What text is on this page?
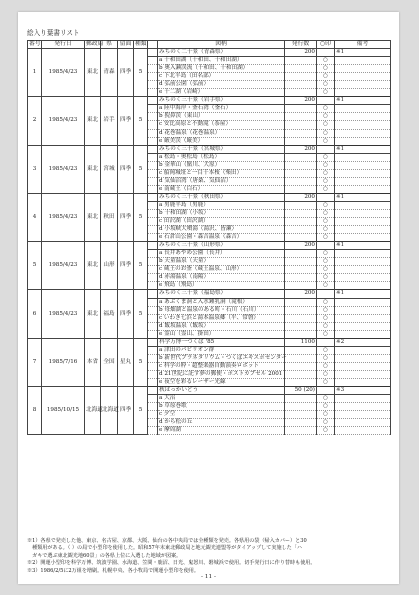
絵入り葉書リスト
番号	発行日	郵政局	県	留面	種類		図柄	発行数	○印	備考
1	1985/4/23	東北	青森	四季	5		みちのく二十景（青森県）	200		※1
							a 十和田湖（十和田、十和田湖）		○	
							b 奥入瀬渓流（十和田、十和田湖）		○	
							c 下北半島（田名部）		○	
							d 弘前公園（弘前）		○	
							e 十二湖（岩崎）		○	
2	1985/4/23	東北	岩手	四季	5		みちのく三十景（岩手県）	200		※1
							a 陸中海岸・釜石湾（釜石）		○	
							b 猊鼻渓（東山）		○	
							c 安比高原と不動滝（茶屋）		○	
							d 花巻温泉（花巻温泉）		○	
							e 厳美渓（厳美）		○	
3	1985/4/23	東北	宮城	四季	5		みちのく三十景（宮城県）	200		※1
							a 松島・奥松島（松島）		○	
							b 金華山（鮎川、大原）		○	
							c 船岡城址と一目千本桜（柴田）		○	
							d 気仙沼湾（唐桑、気仙沼）		○	
							e 南蔵王（白石）		○	
4	1985/4/23	東北	秋田	四季	5		みちのく三十景（秋田県）	200		※1
							a 男鹿半島（男鹿）		○	
							b 十和田湖（小坂）		○	
							c 田沢湖（田沢湖）		○	
							d 小坂峡大噴湯（湯沢、皆瀬）		○	
							e 石倉山公園・森吉温泉（森吉）		○	
5	1985/4/23	東北	山形	四季	5		みちのく三十景（山形県）	200		※1
							a 長井あやめ公園（長井）		○	
							b 天童温泉（天童）		○	
							c 蔵王のお釜（蔵王温泉、山形）		○	
							d 赤湯温泉（南陽）		○	
							e 飛島（飛島）		○	
6	1985/4/23	東北	福島	四季	5		みちのく三十景（福島県）	200		※1
							a あぶくま洞と入水鍾乳洞（滝根）		○	
							b 母畑湖と温泉のある町・石川（石川）		○	
							c いわき七浜と湯本温泉郷（平、常磐）		○	
							d 飯坂温泉（飯坂）		○	
							e 霊山（霊山、掛田）		○	
7	1985/7/16	本省	全国	星丸	5		科学万博一つくば '85	1100		※2
							a 津田のパビリオン群		○	
							b 新世代プラネタリウム・つくばエキスポセンター		○	
							c 科学の粋・超整楽器自動演奏ロボット		○	
							d 21世紀に託す夢の郵便・ポストカプセル 2001		○	
							e 夜空を彩るレーザー光線		○	
8	1985/10/15	北海道	北海道	四季	5		秋はっかいどう	50 (20)		※3
							a 大沼		○	
							b 草原巻歌		○	
							c 夕空		○	
							d から松の丘		○	
							e 摩周湖		○	

※1）各県で発売した他、東京、名古屋、京都、大阪、仙台の各中央局では全種類を発売。各県用の袋（帰入カバー）と30

　種類用がある。（ ）の局で小型印を使用した。昭和57年末東北郵政局と地元観光連盟等がタイアップして実施した「ハ

　ガキで選ぶ東北観光地60景」の各県上位に入選した地域が図案。

※2）開運小型印を科学万博、筑波学園、水海道、笠間・鹿沼、日光、鬼怒川、磐城浜で使用。切手発行日に作り替時も使用。

※3）1986/2/5に2万組を増刷。札幌中央、各小牧局で開運小型印を使用。

- 11 -
